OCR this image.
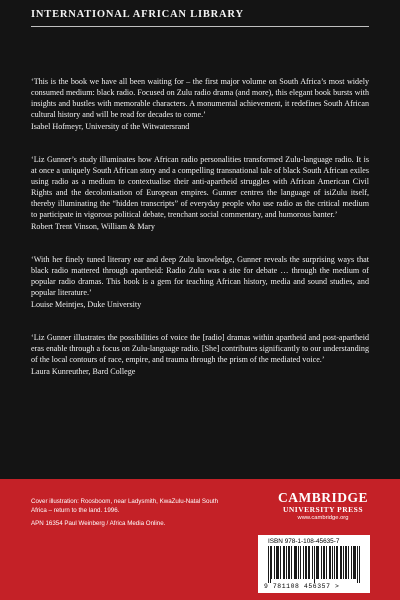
INTERNATIONAL AFRICAN LIBRARY

‘This is the book we have all been waiting for – the first major volume on South Africa’s most widely consumed medium: black radio. Focused on Zulu radio drama (and more), this elegant book bursts with insights and bustles with memorable characters. A monumental achievement, it redefines South African cultural history and will be read for decades to come.’

Isabel Hofmeyr, University of the Witwatersrand

‘Liz Gunner’s study illuminates how African radio personalities transformed Zulu-language radio. It is at once a uniquely South African story and a compelling transnational tale of black South African exiles using radio as a medium to contextualise their anti-apartheid struggles with African American Civil Rights and the decolonisation of European empires. Gunner centres the language of isiZulu itself, thereby illuminating the “hidden transcripts” of everyday people who use radio as the critical medium to participate in vigorous political debate, trenchant social commentary, and humorous banter.’

Robert Trent Vinson, William & Mary

‘With her finely tuned literary ear and deep Zulu knowledge, Gunner reveals the surprising ways that black radio mattered through apartheid: Radio Zulu was a site for debate … through the medium of popular radio dramas. This book is a gem for teaching African history, media and sound studies, and popular literature.’

Louise Meintjes, Duke University

‘Liz Gunner illustrates the possibilities of voice the [radio] dramas within apartheid and post-apartheid eras enable through a focus on Zulu-language radio. [She] contributes significantly to our understanding of the local contours of race, empire, and trauma through the prism of the mediated voice.’

Laura Kunreuther, Bard College

Cover illustration: Roosboom, near Ladysmith, KwaZulu-Natal South Africa – return to the land. 1996.

APN 16354 Paul Weinberg / Africa Media Online.

CAMBRIDGE
UNIVERSITY PRESS
www.cambridge.org
ISBN 978-1-108-45635-7
9 781108 456357 >
